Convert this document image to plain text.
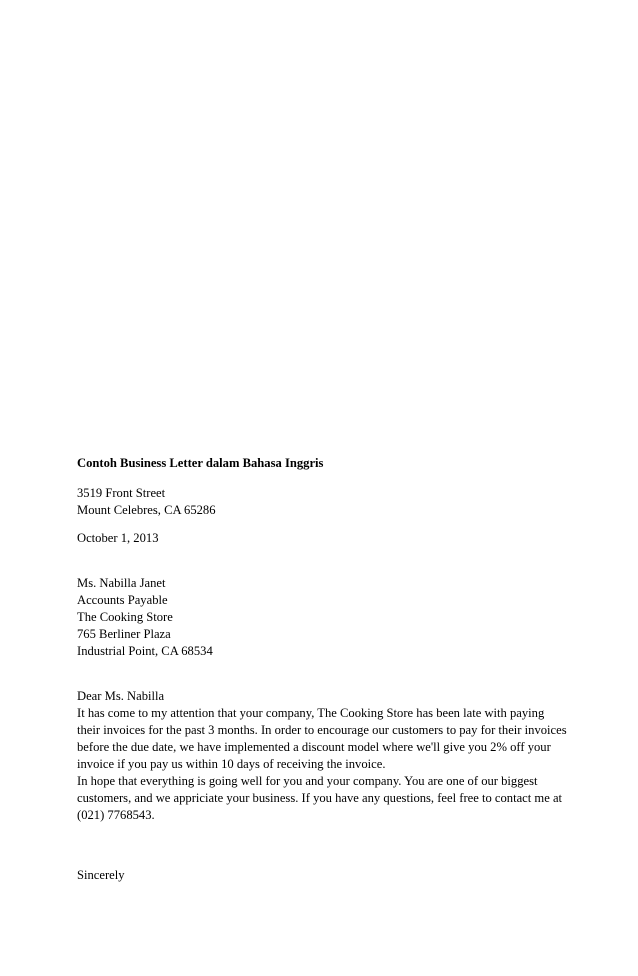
Contoh Business Letter dalam Bahasa Inggris
3519 Front Street
Mount Celebres, CA 65286
October 1, 2013
Ms. Nabilla Janet
Accounts Payable
The Cooking Store
765 Berliner Plaza
Industrial Point, CA 68534
Dear Ms. Nabilla
It has come to my attention that your company, The Cooking Store has been late with paying
their invoices for the past 3 months. In order to encourage our customers to pay for their invoices
before the due date, we have implemented a discount model where we'll give you 2% off your
invoice if you pay us within 10 days of receiving the invoice.
In hope that everything is going well for you and your company. You are one of our biggest
customers, and we appriciate your business. If you have any questions, feel free to contact me at
(021) 7768543.
Sincerely
